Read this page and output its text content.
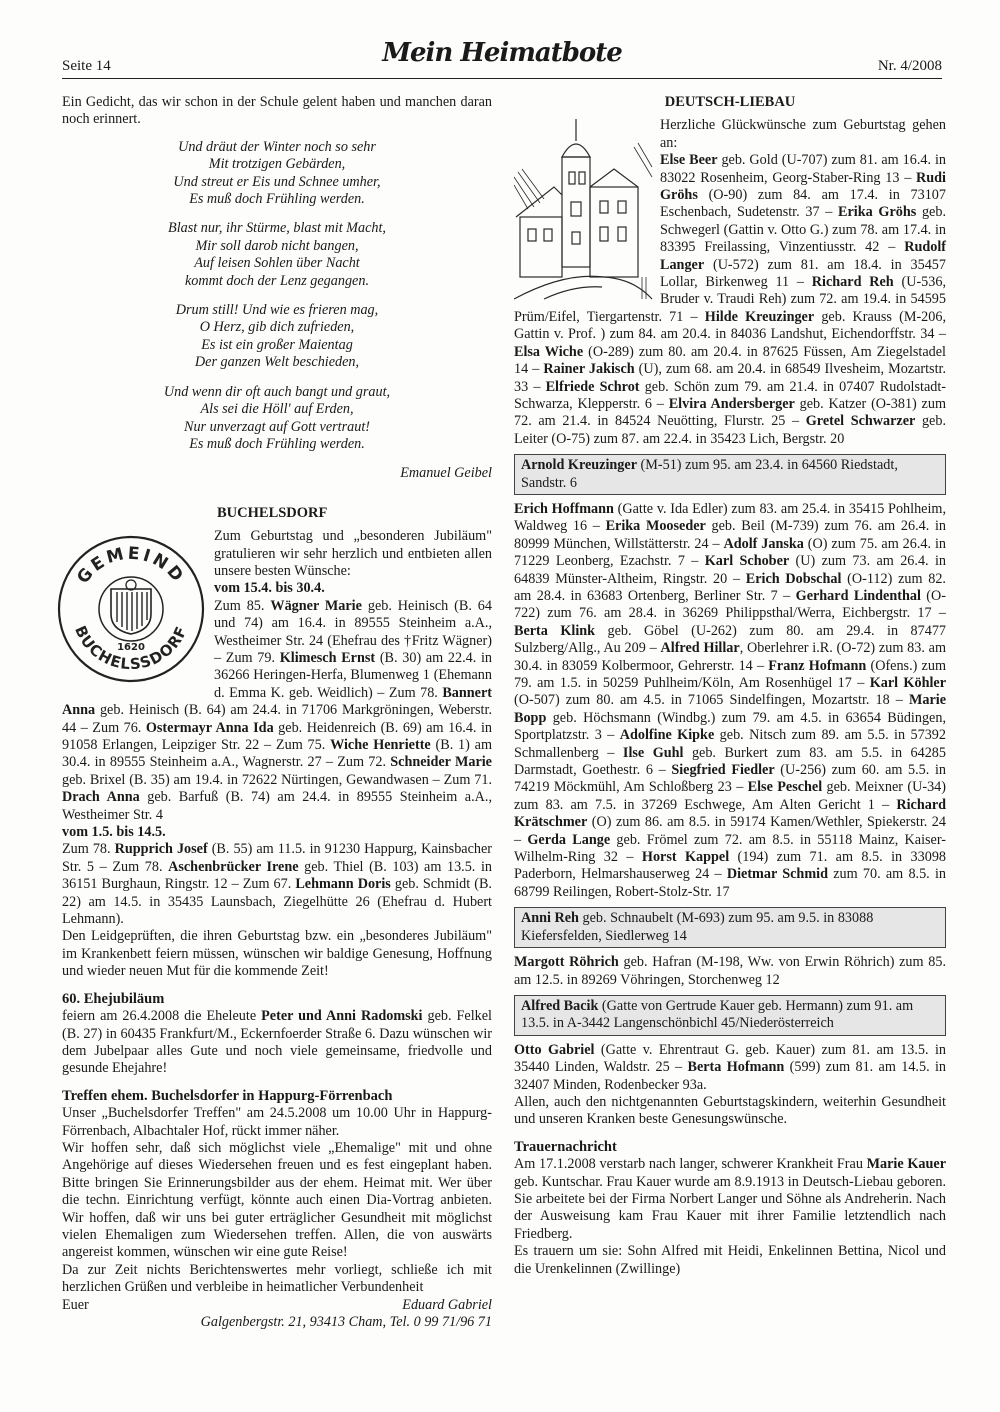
Seite 14	Mein Heimatbote	Nr. 4/2008

Ein Gedicht, das wir schon in der Schule gelent haben und manchen daran noch erinnert.

Und dräut der Winter noch so sehr
Mit trotzigen Gebärden,
Und streut er Eis und Schnee umher,
Es muß doch Frühling werden.
Blast nur, ihr Stürme, blast mit Macht,
Mir soll darob nicht bangen,
Auf leisen Sohlen über Nacht
kommt doch der Lenz gegangen.
Drum still! Und wie es frieren mag,
O Herz, gib dich zufrieden,
Es ist ein großer Maientag
Der ganzen Welt beschieden,
Und wenn dir oft auch bangt und graut,
Als sei die Höll' auf Erden,
Nur unverzagt auf Gott vertraut!
Es muß doch Frühling werden.
Emanuel Geibel
BUCHELSDORF
GEMEIND
BUCHELSSDORF
1620

Zum Geburtstag und „besonderen Jubiläum" gratulieren wir sehr herzlich und entbieten allen unsere besten Wünsche:

vom 15.4. bis 30.4.

Zum 85. Wägner Marie geb. Heinisch (B. 64 und 74) am 16.4. in 89555 Steinheim a.A., Westheimer Str. 24 (Ehefrau des †Fritz Wägner) – Zum 79. Klimesch Ernst (B. 30) am 22.4. in 36266 Heringen-Herfa, Blumenweg 1 (Ehemann d. Emma K. geb. Weidlich) – Zum 78. Bannert Anna geb. Heinisch (B. 64) am 24.4. in 71706 Markgröningen, Weberstr. 44 – Zum 76. Ostermayr Anna Ida geb. Heidenreich (B. 69) am 16.4. in 91058 Erlangen, Leipziger Str. 22 – Zum 75. Wiche Henriette (B. 1) am 30.4. in 89555 Steinheim a.A., Wagnerstr. 27 – Zum 72. Schneider Marie geb. Brixel (B. 35) am 19.4. in 72622 Nürtingen, Gewandwasen – Zum 71. Drach Anna geb. Barfuß (B. 74) am 24.4. in 89555 Steinheim a.A., Westheimer Str. 4

vom 1.5. bis 14.5.

Zum 78. Rupprich Josef (B. 55) am 11.5. in 91230 Happurg, Kainsbacher Str. 5 – Zum 78. Aschenbrücker Irene geb. Thiel (B. 103) am 13.5. in 36151 Burghaun, Ringstr. 12 – Zum 67. Lehmann Doris geb. Schmidt (B. 22) am 14.5. in 35435 Launsbach, Ziegelhütte 26 (Ehefrau d. Hubert Lehmann).

Den Leidgeprüften, die ihren Geburtstag bzw. ein „besonderes Jubiläum" im Krankenbett feiern müssen, wünschen wir baldige Genesung, Hoffnung und wieder neuen Mut für die kommende Zeit!

60. Ehejubiläum

feiern am 26.4.2008 die Eheleute Peter und Anni Radomski geb. Felkel (B. 27) in 60435 Frankfurt/M., Eckernfoerder Straße 6. Dazu wünschen wir dem Jubelpaar alles Gute und noch viele gemeinsame, friedvolle und gesunde Ehejahre!

Treffen ehem. Buchelsdorfer in Happurg-Förrenbach

Unser „Buchelsdorfer Treffen" am 24.5.2008 um 10.00 Uhr in Happurg-Förrenbach, Albachtaler Hof, rückt immer näher.

Wir hoffen sehr, daß sich möglichst viele „Ehemalige" mit und ohne Angehörige auf dieses Wiedersehen freuen und es fest eingeplant haben. Bitte bringen Sie Erinnerungsbilder aus der ehem. Heimat mit. Wer über die techn. Einrichtung verfügt, könnte auch einen Dia-Vortrag anbieten. Wir hoffen, daß wir uns bei guter erträglicher Gesundheit mit möglichst vielen Ehemaligen zum Wiedersehen treffen. Allen, die von auswärts angereist kommen, wünschen wir eine gute Reise!

Da zur Zeit nichts Berichtenswertes mehr vorliegt, schließe ich mit herzlichen Grüßen und verbleibe in heimatlicher Verbundenheit

Euer	Eduard Gabriel
Galgenbergstr. 21, 93413 Cham, Tel. 0 99 71/96 71
DEUTSCH-LIEBAU

Herzliche Glückwünsche zum Geburtstag gehen an:

Else Beer geb. Gold (U-707) zum 81. am 16.4. in 83022 Rosenheim, Georg-Staber-Ring 13 – Rudi Gröhs (O-90) zum 84. am 17.4. in 73107 Eschenbach, Sudetenstr. 37 – Erika Gröhs geb. Schwegerl (Gattin v. Otto G.) zum 78. am 17.4. in 83395 Freilassing, Vinzentiusstr. 42 – Rudolf Langer (U-572) zum 81. am 18.4. in 35457 Lollar, Birkenweg 11 – Richard Reh (U-536, Bruder v. Traudi Reh) zum 72. am 19.4. in 54595 Prüm/Eifel, Tiergartenstr. 71 – Hilde Kreuzinger geb. Krauss (M-206, Gattin v. Prof. ) zum 84. am 20.4. in 84036 Landshut, Eichendorffstr. 34 – Elsa Wiche (O-289) zum 80. am 20.4. in 87625 Füssen, Am Ziegelstadel 14 – Rainer Jakisch (U), zum 68. am 20.4. in 68549 Ilvesheim, Mozartstr. 33 – Elfriede Schrot geb. Schön zum 79. am 21.4. in 07407 Rudolstadt-Schwarza, Klepperstr. 6 – Elvira Andersberger geb. Katzer (O-381) zum 72. am 21.4. in 84524 Neuötting, Flurstr. 25 – Gretel Schwarzer geb. Leiter (O-75) zum 87. am 22.4. in 35423 Lich, Bergstr. 20

Arnold Kreuzinger (M-51) zum 95. am 23.4. in 64560 Riedstadt, Sandstr. 6

Erich Hoffmann (Gatte v. Ida Edler) zum 83. am 25.4. in 35415 Pohlheim, Waldweg 16 – Erika Mooseder geb. Beil (M-739) zum 76. am 26.4. in 80999 München, Willstätterstr. 24 – Adolf Janska (O) zum 75. am 26.4. in 71229 Leonberg, Ezachstr. 7 – Karl Schober (U) zum 73. am 26.4. in 64839 Münster-Altheim, Ringstr. 20 – Erich Dobschal (O-112) zum 82. am 28.4. in 63683 Ortenberg, Berliner Str. 7 – Gerhard Lindenthal (O-722) zum 76. am 28.4. in 36269 Philippsthal/Werra, Eichbergstr. 17 – Berta Klink geb. Göbel (U-262) zum 80. am 29.4. in 87477 Sulzberg/Allg., Au 209 – Alfred Hillar, Oberlehrer i.R. (O-72) zum 83. am 30.4. in 83059 Kolbermoor, Gehrerstr. 14 – Franz Hofmann (Ofens.) zum 79. am 1.5. in 50259 Puhlheim/Köln, Am Rosenhügel 17 – Karl Köhler (O-507) zum 80. am 4.5. in 71065 Sindelfingen, Mozartstr. 18 – Marie Bopp geb. Höchsmann (Windbg.) zum 79. am 4.5. in 63654 Büdingen, Sportplatzstr. 3 – Adolfine Kipke geb. Nitsch zum 89. am 5.5. in 57392 Schmallenberg – Ilse Guhl geb. Burkert zum 83. am 5.5. in 64285 Darmstadt, Goethestr. 6 – Siegfried Fiedler (U-256) zum 60. am 5.5. in 74219 Möckmühl, Am Schloßberg 23 – Else Peschel geb. Meixner (U-34) zum 83. am 7.5. in 37269 Eschwege, Am Alten Gericht 1 – Richard Krätschmer (O) zum 86. am 8.5. in 59174 Kamen/Wethler, Spiekerstr. 24 – Gerda Lange geb. Frömel zum 72. am 8.5. in 55118 Mainz, Kaiser-Wilhelm-Ring 32 – Horst Kappel (194) zum 71. am 8.5. in 33098 Paderborn, Helmarshauserweg 24 – Dietmar Schmid zum 70. am 8.5. in 68799 Reilingen, Robert-Stolz-Str. 17

Anni Reh geb. Schnaubelt (M-693) zum 95. am 9.5. in 83088 Kiefersfelden, Siedlerweg 14

Margott Röhrich geb. Hafran (M-198, Ww. von Erwin Röhrich) zum 85. am 12.5. in 89269 Vöhringen, Storchenweg 12

Alfred Bacik (Gatte von Gertrude Kauer geb. Hermann) zum 91. am 13.5. in A-3442 Langenschönbichl 45/Niederösterreich

Otto Gabriel (Gatte v. Ehrentraut G. geb. Kauer) zum 81. am 13.5. in 35440 Linden, Waldstr. 25 – Berta Hofmann (599) zum 81. am 14.5. in 32407 Minden, Rodenbecker 93a.

Allen, auch den nichtgenannten Geburtstagskindern, weiterhin Gesundheit und unseren Kranken beste Genesungswünsche.

Trauernachricht

Am 17.1.2008 verstarb nach langer, schwerer Krankheit Frau Marie Kauer geb. Kuntschar. Frau Kauer wurde am 8.9.1913 in Deutsch-Liebau geboren. Sie arbeitete bei der Firma Norbert Langer und Söhne als Andreherin. Nach der Ausweisung kam Frau Kauer mit ihrer Familie letztendlich nach Friedberg.

Es trauern um sie: Sohn Alfred mit Heidi, Enkelinnen Bettina, Nicol und die Urenkelinnen (Zwillinge)
